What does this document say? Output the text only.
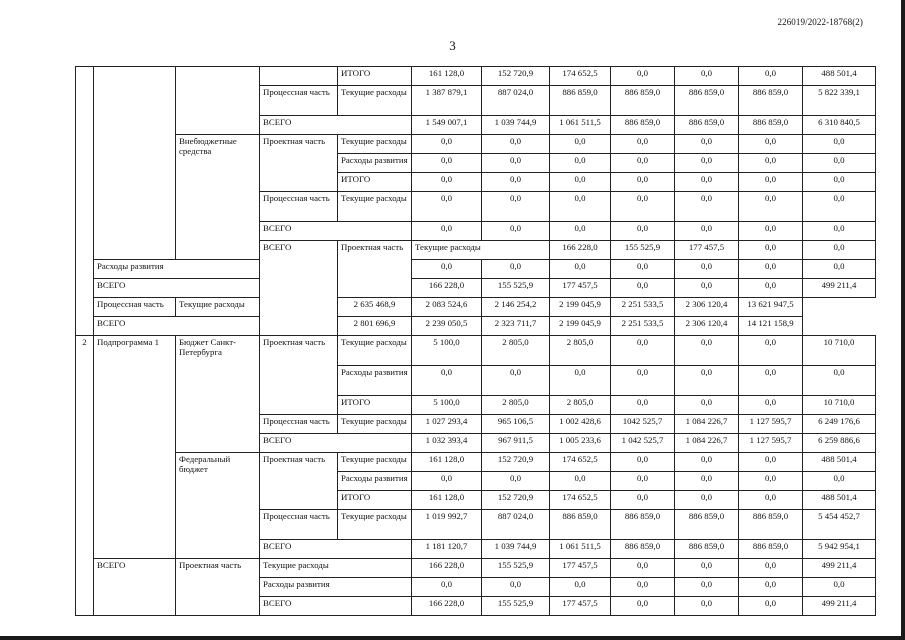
226019/2022-18768(2)
3
				ИТОГО	161 128,0	152 720,9	174 652,5	0,0	0,0	0,0	488 501,4	
			Процессная часть	Текущие расходы	1 387 879,1	887 024,0	886 859,0	886 859,0	886 859,0	886 859,0	5 822 339,1	
			ВСЕГО		1 549 007,1	1 039 744,9	1 061 511,5	886 859,0	886 859,0	886 859,0	6 310 840,5	
		Внебюджетные средства	Проектная часть	Текущие расходы	0,0	0,0	0,0	0,0	0,0	0,0	0,0	
				Расходы развития	0,0	0,0	0,0	0,0	0,0	0,0	0,0	
				ИТОГО	0,0	0,0	0,0	0,0	0,0	0,0	0,0	
			Процессная часть	Текущие расходы	0,0	0,0	0,0	0,0	0,0	0,0	0,0	
			ВСЕГО		0,0	0,0	0,0	0,0	0,0	0,0	0,0	
			ВСЕГО	Проектная часть	Текущие расходы		166 228,0	155 525,9	177 457,5	0,0	0,0		
	Расходы развития				0,0	0,0	0,0	0,0	0,0	0,0	0,0	
	ВСЕГО				166 228,0	155 525,9	177 457,5	0,0	0,0	0,0	499 211,4	
	Процессная часть	Текущие расходы		2 635 468,9	2 083 524,6	2 146 254,2	2 199 045,9	2 251 533,5	2 306 120,4	13 621 947,5		
	ВСЕГО			2 801 696,9	2 239 050,5	2 323 711,7	2 199 045,9	2 251 533,5	2 306 120,4	14 121 158,9		
2	Подпрограмма 1	Бюджет Санкт-Петербурга	Проектная часть	Текущие расходы	5 100,0	2 805,0	2 805,0	0,0	0,0	0,0	10 710,0	
				Расходы развития	0,0	0,0	0,0	0,0	0,0	0,0	0,0	
				ИТОГО	5 100,0	2 805,0	2 805,0	0,0	0,0	0,0	10 710,0	
			Процессная часть	Текущие расходы	1 027 293,4	965 106,5	1 002 428,6	1042 525,7	1 084 226,7	1 127 595,7	6 249 176,6	
			ВСЕГО		1 032 393,4	967 911,5	1 005 233,6	1 042 525,7	1 084 226,7	1 127 595,7	6 259 886,6	
		Федеральный бюджет	Проектная часть	Текущие расходы	161 128,0	152 720,9	174 652,5	0,0	0,0	0,0	488 501,4	
				Расходы развития	0,0	0,0	0,0	0,0	0,0	0,0	0,0	
				ИТОГО	161 128,0	152 720,9	174 652,5	0,0	0,0	0,0	488 501,4	
			Процессная часть	Текущие расходы	1 019 992,7	887 024,0	886 859,0	886 859,0	886 859,0	886 859,0	5 454 452,7	
			ВСЕГО		1 181 120,7	1 039 744,9	1 061 511,5	886 859,0	886 859,0	886 859,0	5 942 954,1	
	ВСЕГО	Проектная часть	Текущие расходы		166 228,0	155 525,9	177 457,5	0,0	0,0	0,0	499 211,4	
			Расходы развития		0,0	0,0	0,0	0,0	0,0	0,0	0,0	
			ВСЕГО		166 228,0	155 525,9	177 457,5	0,0	0,0	0,0	499 211,4	
